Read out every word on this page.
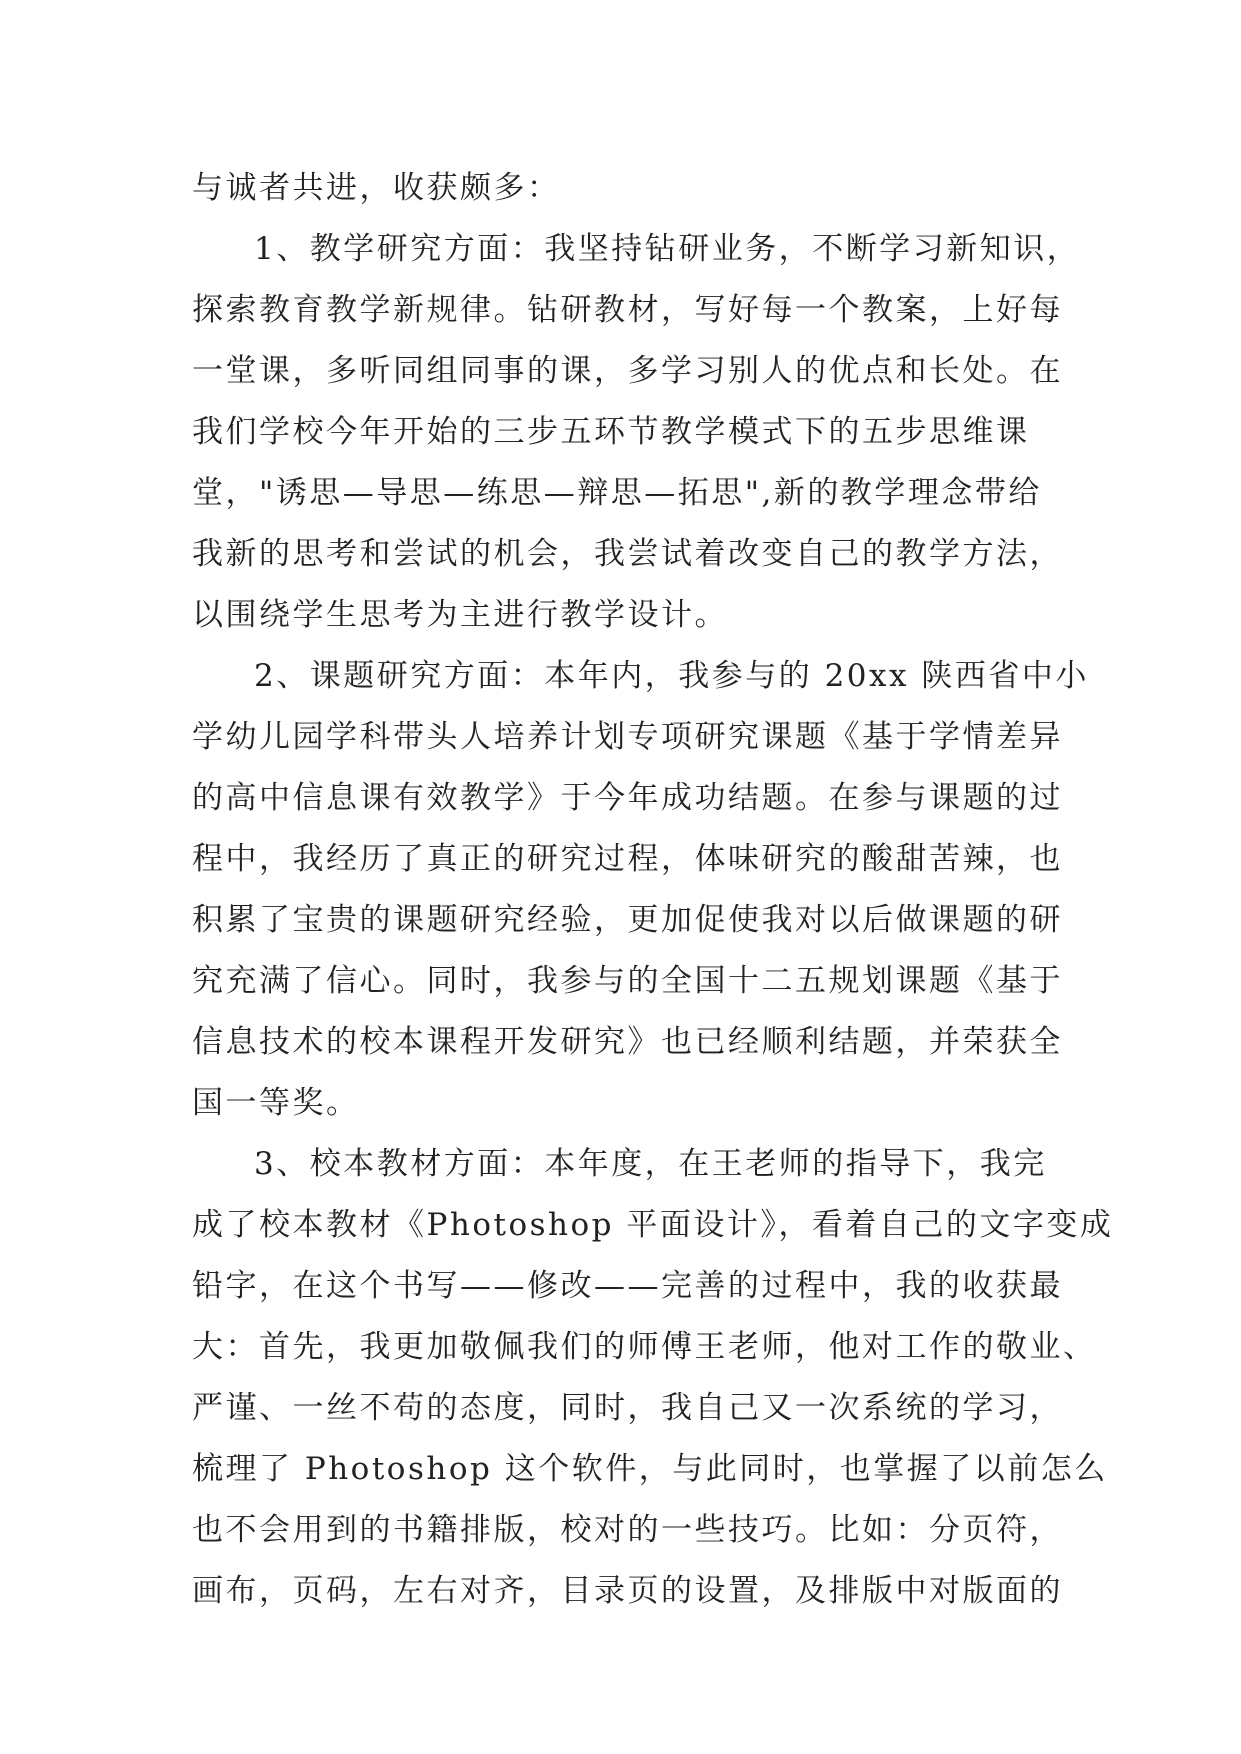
与诚者共进，收获颇多：
1、教学研究方面：我坚持钻研业务，不断学习新知识，
探索教育教学新规律。钻研教材，写好每一个教案，上好每
一堂课，多听同组同事的课，多学习别人的优点和长处。在
我们学校今年开始的三步五环节教学模式下的五步思维课
堂，"诱思—导思—练思—辩思—拓思",新的教学理念带给
我新的思考和尝试的机会，我尝试着改变自己的教学方法，
以围绕学生思考为主进行教学设计。
2、课题研究方面：本年内，我参与的 20xx 陕西省中小
学幼儿园学科带头人培养计划专项研究课题《基于学情差异
的高中信息课有效教学》于今年成功结题。在参与课题的过
程中，我经历了真正的研究过程，体味研究的酸甜苦辣，也
积累了宝贵的课题研究经验，更加促使我对以后做课题的研
究充满了信心。同时，我参与的全国十二五规划课题《基于
信息技术的校本课程开发研究》也已经顺利结题，并荣获全
国一等奖。
3、校本教材方面：本年度，在王老师的指导下，我完
成了校本教材《Photoshop 平面设计》，看着自己的文字变成
铅字，在这个书写——修改——完善的过程中，我的收获最
大：首先，我更加敬佩我们的师傅王老师，他对工作的敬业、
严谨、一丝不苟的态度，同时，我自己又一次系统的学习，
梳理了 Photoshop 这个软件，与此同时，也掌握了以前怎么
也不会用到的书籍排版，校对的一些技巧。比如：分页符，
画布，页码，左右对齐，目录页的设置，及排版中对版面的
